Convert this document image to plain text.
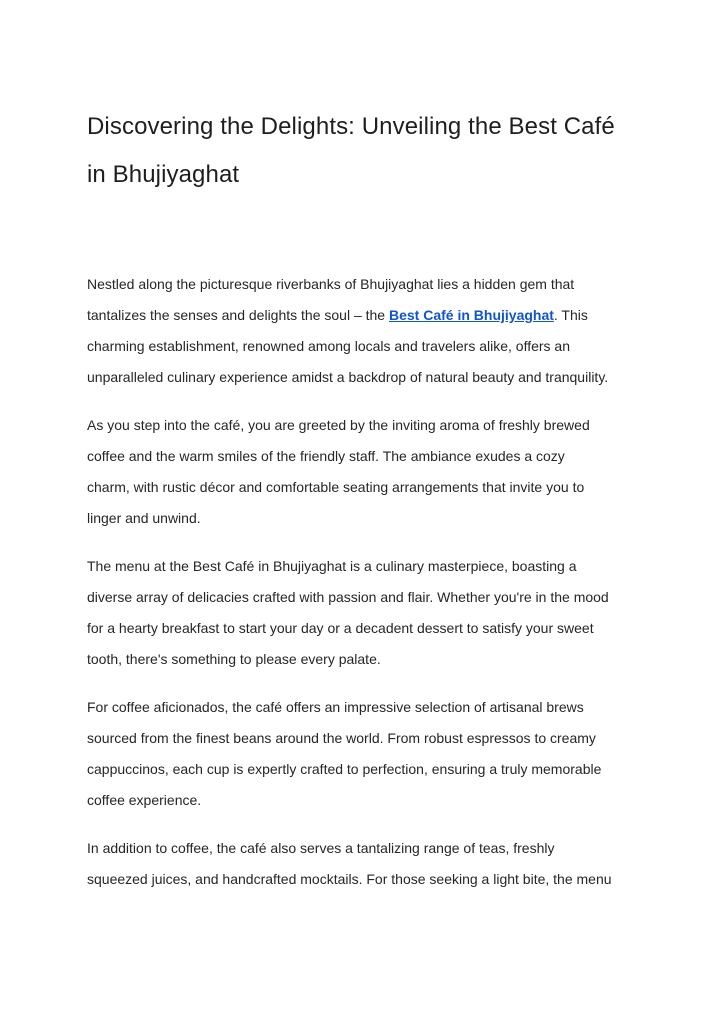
Discovering the Delights: Unveiling the Best Café
in Bhujiyaghat

Nestled along the picturesque riverbanks of Bhujiyaghat lies a hidden gem that
tantalizes the senses and delights the soul – the Best Café in Bhujiyaghat. This
charming establishment, renowned among locals and travelers alike, offers an
unparalleled culinary experience amidst a backdrop of natural beauty and tranquility.

As you step into the café, you are greeted by the inviting aroma of freshly brewed
coffee and the warm smiles of the friendly staff. The ambiance exudes a cozy
charm, with rustic décor and comfortable seating arrangements that invite you to
linger and unwind.

The menu at the Best Café in Bhujiyaghat is a culinary masterpiece, boasting a
diverse array of delicacies crafted with passion and flair. Whether you're in the mood
for a hearty breakfast to start your day or a decadent dessert to satisfy your sweet
tooth, there's something to please every palate.

For coffee aficionados, the café offers an impressive selection of artisanal brews
sourced from the finest beans around the world. From robust espressos to creamy
cappuccinos, each cup is expertly crafted to perfection, ensuring a truly memorable
coffee experience.

In addition to coffee, the café also serves a tantalizing range of teas, freshly
squeezed juices, and handcrafted mocktails. For those seeking a light bite, the menu
